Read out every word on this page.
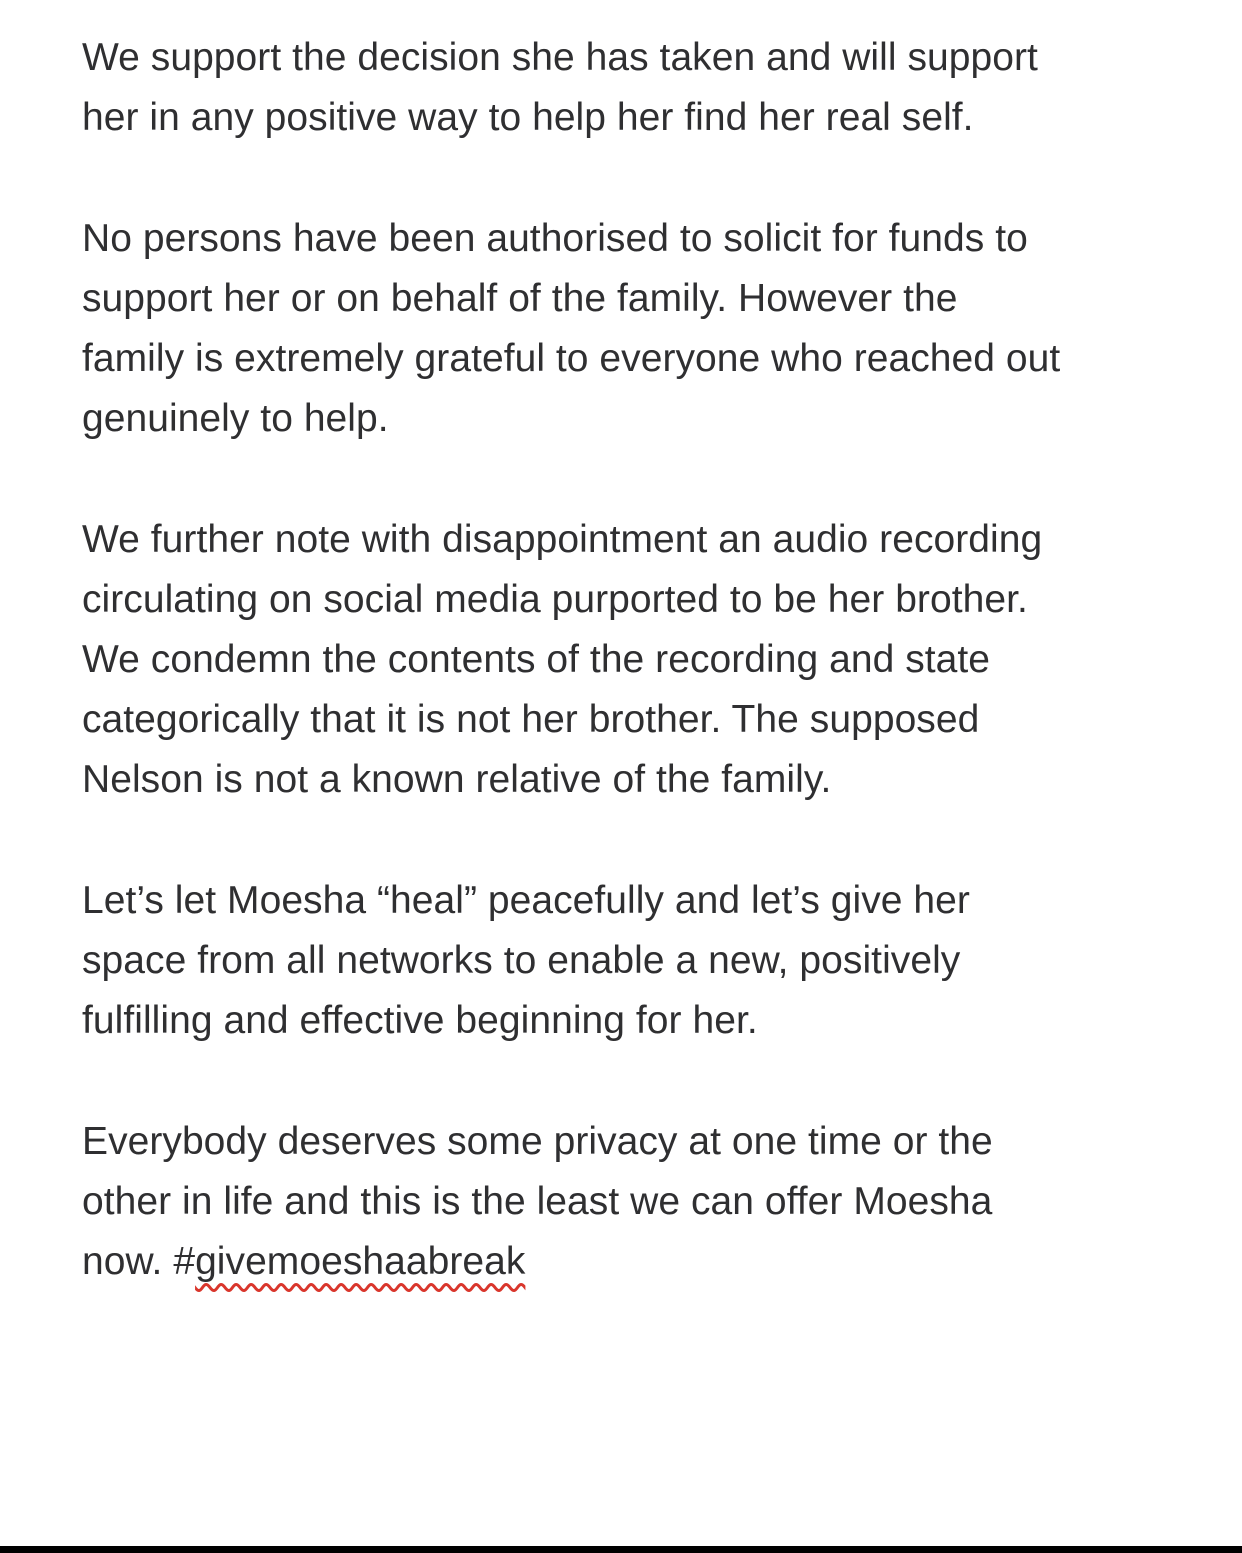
We support the decision she has taken and will support
her in any positive way to help her find her real self.

No persons have been authorised to solicit for funds to
support her or on behalf of the family. However the
family is extremely grateful to everyone who reached out
genuinely to help.

We further note with disappointment an audio recording
circulating on social media purported to be her brother.
We condemn the contents of the recording and state
categorically that it is not her brother. The supposed
Nelson is not a known relative of the family.

Let’s let Moesha “heal” peacefully and let’s give her
space from all networks to enable a new, positively
fulfilling and effective beginning for her.

Everybody deserves some privacy at one time or the
other in life and this is the least we can offer Moesha
now. #givemoeshaabreak
